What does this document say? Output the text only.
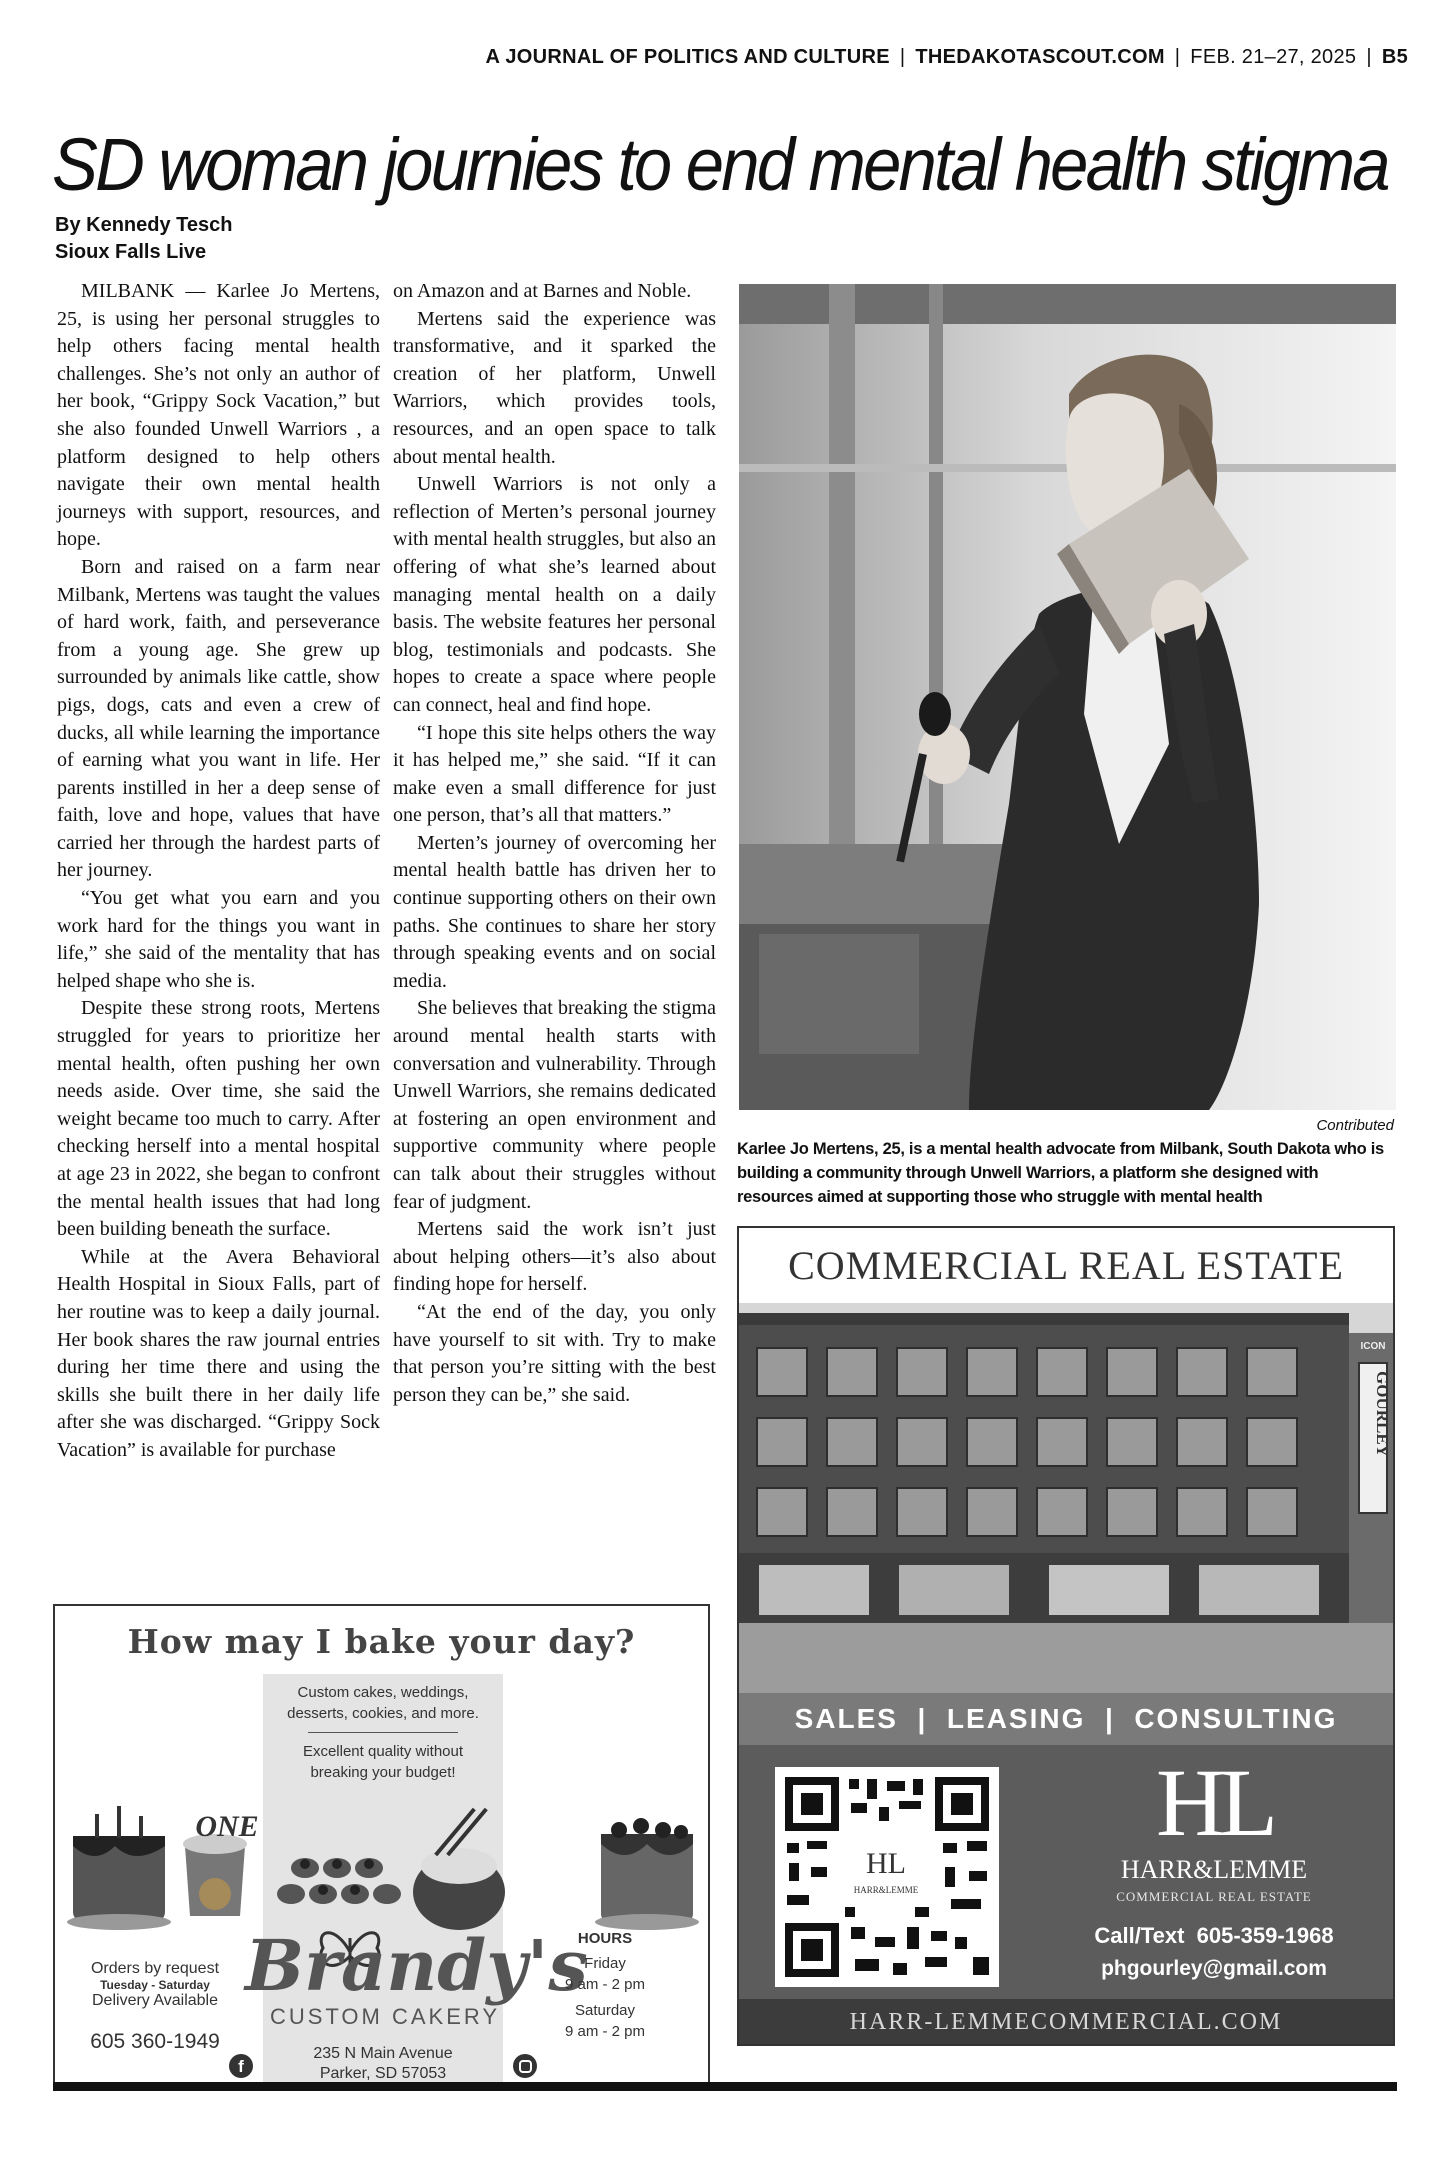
A JOURNAL OF POLITICS AND CULTURE | THEDAKOTASCOUT.COM | FEB. 21–27, 2025 | B5
SD woman journies to end mental health stigma
By Kennedy Tesch
Sioux Falls Live

MILBANK — Karlee Jo Mertens, 25, is using her personal struggles to help others facing mental health challenges. She’s not only an author of her book, “Grippy Sock Vacation,” but she also founded Unwell Warriors , a platform designed to help others navigate their own mental health journeys with support, resources, and hope.

Born and raised on a farm near Milbank, Mertens was taught the values of hard work, faith, and perseverance from a young age. She grew up surrounded by animals like cattle, show pigs, dogs, cats and even a crew of ducks, all while learning the importance of earning what you want in life. Her parents instilled in her a deep sense of faith, love and hope, values that have carried her through the hardest parts of her journey.

“You get what you earn and you work hard for the things you want in life,” she said of the mentality that has helped shape who she is.

Despite these strong roots, Mertens struggled for years to prioritize her mental health, often pushing her own needs aside. Over time, she said the weight became too much to carry. After checking herself into a mental hospital at age 23 in 2022, she began to confront the mental health issues that had long been building beneath the surface.

While at the Avera Behavioral Health Hospital in Sioux Falls, part of her routine was to keep a daily journal. Her book shares the raw journal entries during her time there and using the skills she built there in her daily life after she was discharged. “Grippy Sock Vacation” is available for purchase

on Amazon and at Barnes and Noble.

Mertens said the experience was transformative, and it sparked the creation of her platform, Unwell Warriors, which provides tools, resources, and an open space to talk about mental health.

Unwell Warriors is not only a reflection of Merten’s personal journey with mental health struggles, but also an offering of what she’s learned about managing mental health on a daily basis. The website features her personal blog, testimonials and podcasts. She hopes to create a space where people can connect, heal and find hope.

“I hope this site helps others the way it has helped me,” she said. “If it can make even a small difference for just one person, that’s all that matters.”

Merten’s journey of overcoming her mental health battle has driven her to continue supporting others on their own paths. She continues to share her story through speaking events and on social media.

She believes that breaking the stigma around mental health starts with conversation and vulnerability. Through Unwell Warriors, she remains dedicated at fostering an open environment and supportive community where people can talk about their struggles without fear of judgment.

Mertens said the work isn’t just about helping others—it’s also about finding hope for herself.

“At the end of the day, you only have yourself to sit with. Try to make that person you’re sitting with the best person they can be,” she said.

Contributed
Karlee Jo Mertens, 25, is a mental health advocate from Milbank, South Dakota who is building a community through Unwell Warriors, a platform she designed with resources aimed at supporting those who struggle with mental health
COMMERCIAL REAL ESTATE
ICON
GOURLEY
SALES  |  LEASING  |  CONSULTING
HL
HARR&LEMME
HL
HARR&LEMME
COMMERCIAL REAL ESTATE
Call/Text  605-359-1968
phgourley@gmail.com
HARR-LEMMECOMMERCIAL.COM
How may I bake your day?
Custom cakes, weddings,
desserts, cookies, and more.
Excellent quality without
breaking your budget!
ONE
Brandy's
CUSTOM CAKERY
235 N Main Avenue
Parker, SD 57053
Orders by request
Tuesday - Saturday
Delivery Available
605 360-1949
HOURS
Friday
9 am - 2 pm
Saturday
9 am - 2 pm
f
